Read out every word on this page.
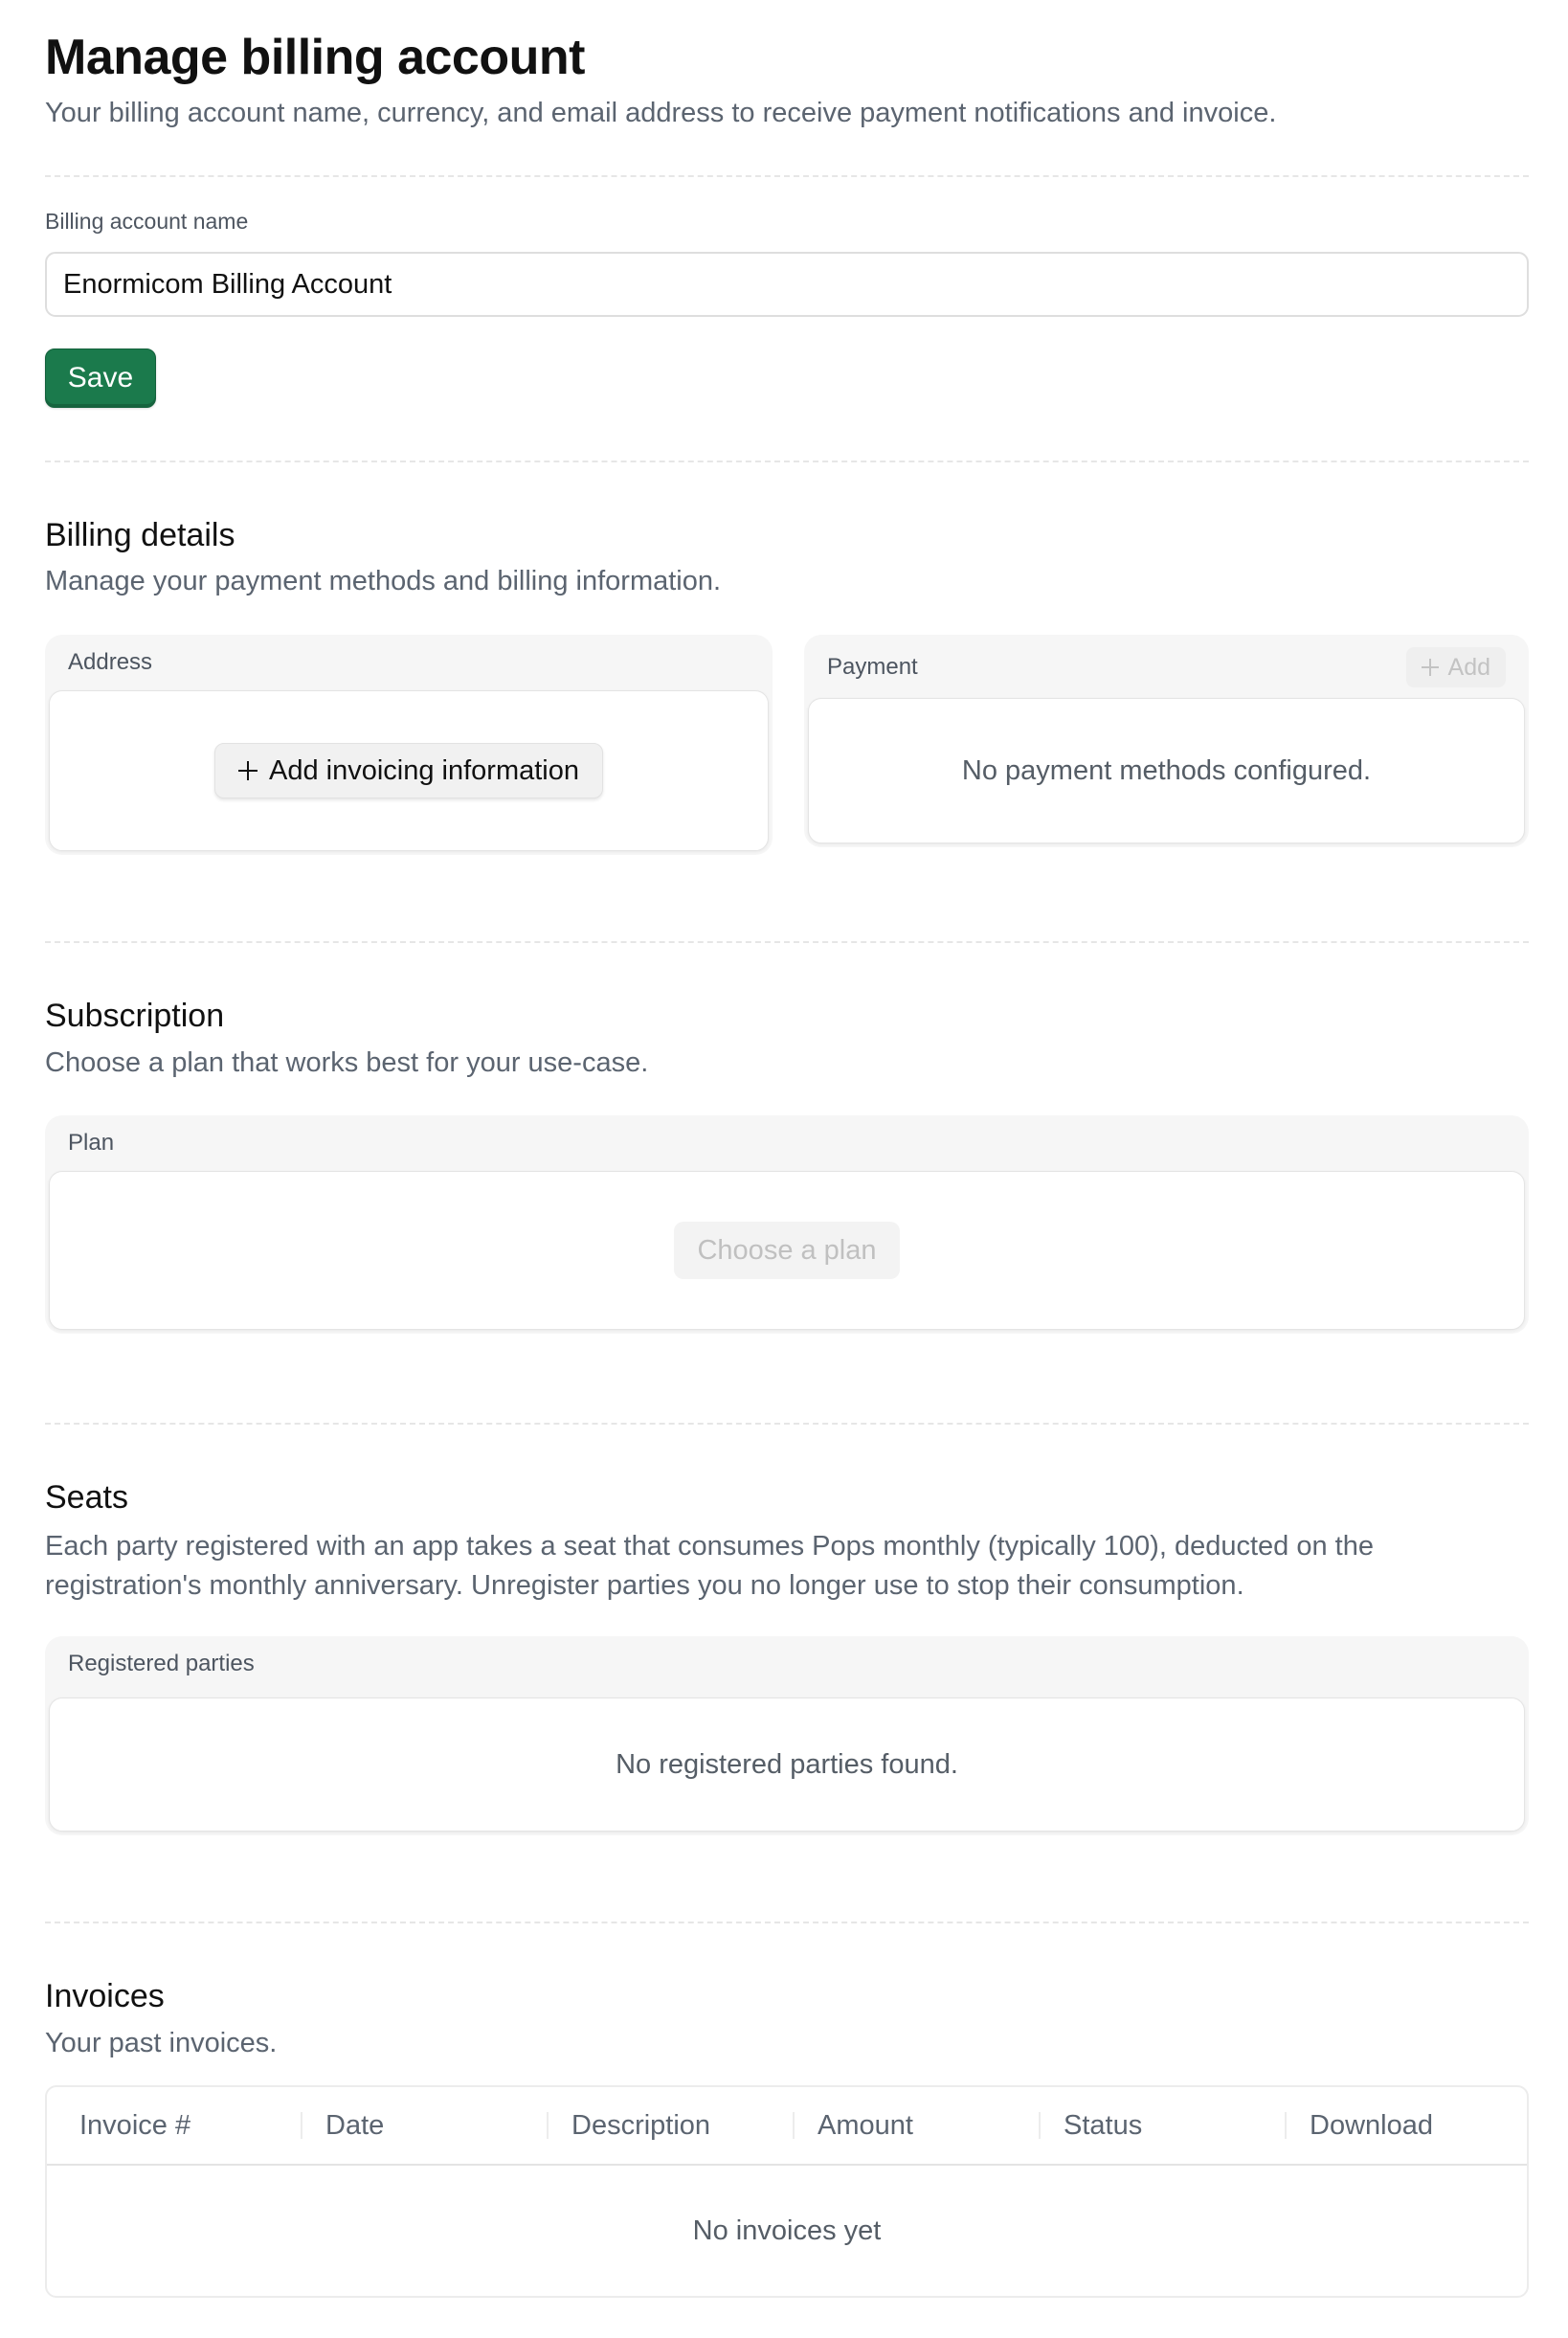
Manage billing account
Your billing account name, currency, and email address to receive payment notifications and invoice.
Billing account name
Enormicom Billing Account
Save
Billing details
Manage your payment methods and billing information.
Address
Add invoicing information
Payment	Add
No payment methods configured.
Subscription
Choose a plan that works best for your use-case.
Plan
Choose a plan
Seats
Each party registered with an app takes a seat that consumes Pops monthly (typically 100), deducted on the registration's monthly anniversary. Unregister parties you no longer use to stop their consumption.
Registered parties
No registered parties found.
Invoices
Your past invoices.
Invoice #	Date	Description	Amount	Status	Download
No invoices yet
